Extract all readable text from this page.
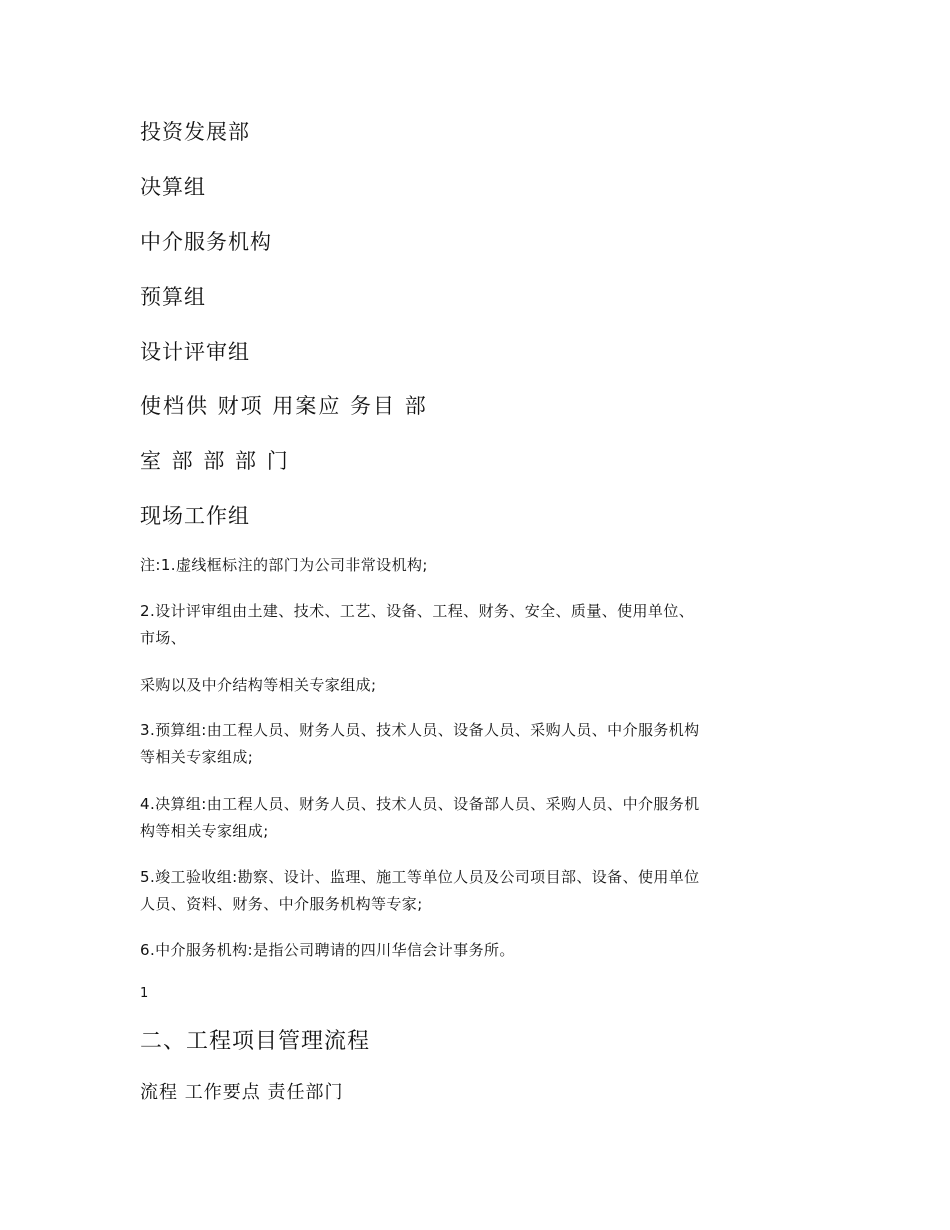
投资发展部
决算组
中介服务机构
预算组
设计评审组
使档供 财项 用案应 务目 部
室 部 部 部 门
现场工作组
注:1.虚线框标注的部门为公司非常设机构;
2.设计评审组由土建、技术、工艺、设备、工程、财务、安全、质量、使用单位、
市场、
采购以及中介结构等相关专家组成;
3.预算组:由工程人员、财务人员、技术人员、设备人员、采购人员、中介服务机构
等相关专家组成;
4.决算组:由工程人员、财务人员、技术人员、设备部人员、采购人员、中介服务机
构等相关专家组成;
5.竣工验收组:勘察、设计、监理、施工等单位人员及公司项目部、设备、使用单位
人员、资料、财务、中介服务机构等专家;
6.中介服务机构:是指公司聘请的四川华信会计事务所。
1
二、工程项目管理流程
流程 工作要点 责任部门
